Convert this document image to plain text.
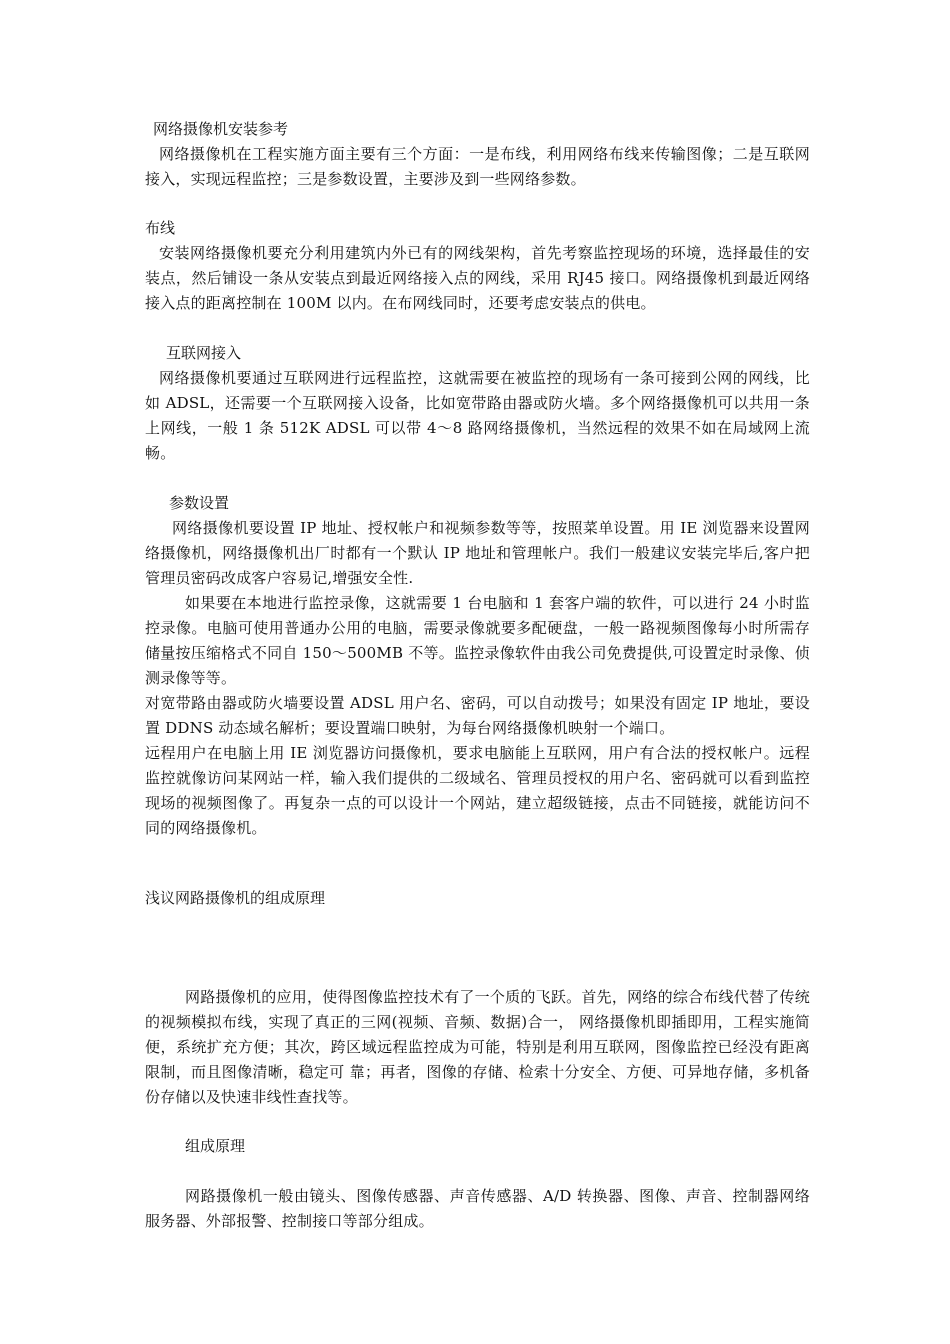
网络摄像机安装参考
网络摄像机在工程实施方面主要有三个方面：一是布线，利用网络布线来传输图像；二是互联网接入，实现远程监控；三是参数设置，主要涉及到一些网络参数。
布线
安装网络摄像机要充分利用建筑内外已有的网线架构，首先考察监控现场的环境，选择最佳的安装点，然后铺设一条从安装点到最近网络接入点的网线，采用 RJ45 接口。网络摄像机到最近网络接入点的距离控制在 100M 以内。在布网线同时，还要考虑安装点的供电。
互联网接入
网络摄像机要通过互联网进行远程监控，这就需要在被监控的现场有一条可接到公网的网线，比如 ADSL，还需要一个互联网接入设备，比如宽带路由器或防火墙。多个网络摄像机可以共用一条上网线，一般 1 条 512K ADSL 可以带 4～8 路网络摄像机，当然远程的效果不如在局域网上流畅。
参数设置
网络摄像机要设置 IP 地址、授权帐户和视频参数等等，按照菜单设置。用 IE 浏览器来设置网络摄像机，网络摄像机出厂时都有一个默认 IP 地址和管理帐户。我们一般建议安装完毕后,客户把管理员密码改成客户容易记,增强安全性.
如果要在本地进行监控录像，这就需要 1 台电脑和 1 套客户端的软件，可以进行 24 小时监控录像。电脑可使用普通办公用的电脑，需要录像就要多配硬盘，一般一路视频图像每小时所需存储量按压缩格式不同自 150～500MB 不等。监控录像软件由我公司免费提供,可设置定时录像、侦测录像等等。
对宽带路由器或防火墙要设置 ADSL 用户名、密码，可以自动拨号；如果没有固定 IP 地址，要设置 DDNS 动态域名解析；要设置端口映射，为每台网络摄像机映射一个端口。
远程用户在电脑上用 IE 浏览器访问摄像机，要求电脑能上互联网，用户有合法的授权帐户。远程监控就像访问某网站一样，输入我们提供的二级域名、管理员授权的用户名、密码就可以看到监控现场的视频图像了。再复杂一点的可以设计一个网站，建立超级链接，点击不同链接，就能访问不同的网络摄像机。
浅议网路摄像机的组成原理
网路摄像机的应用，使得图像监控技术有了一个质的飞跃。首先，网络的综合布线代替了传统的视频模拟布线，实现了真正的三网(视频、音频、数据)合一， 网络摄像机即插即用，工程实施简便，系统扩充方便；其次，跨区域远程监控成为可能，特别是利用互联网，图像监控已经没有距离限制，而且图像清晰，稳定可 靠；再者，图像的存储、检索十分安全、方便、可异地存储，多机备份存储以及快速非线性查找等。
组成原理
网路摄像机一般由镜头、图像传感器、声音传感器、A/D 转换器、图像、声音、控制器网络服务器、外部报警、控制接口等部分组成。
